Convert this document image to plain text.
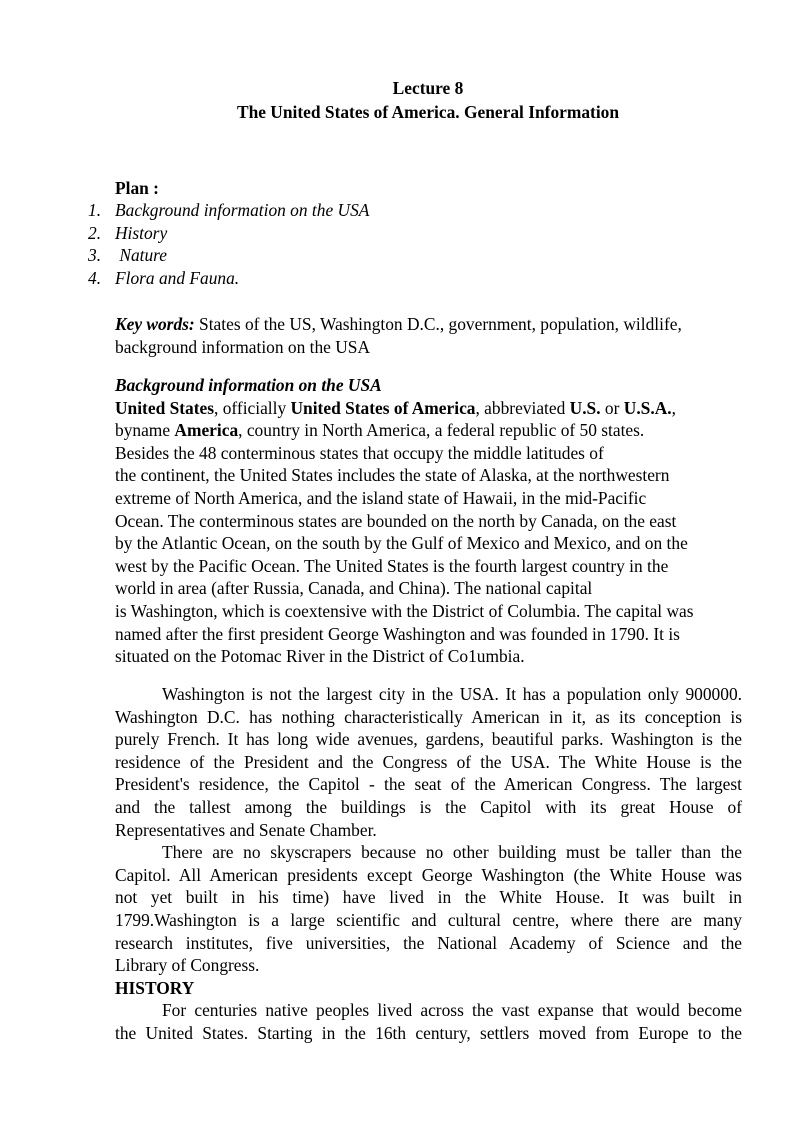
Lecture 8
The United States of America. General Information
Plan :
1. Background information on the USA
2. History
3. Nature
4. Flora and Fauna.
Key words: States of the US, Washington D.C., government, population, wildlife,
background information on the USA
Background information on the USA
United States, officially United States of America, abbreviated U.S. or U.S.A.,
byname America, country in North America, a federal republic of 50 states.
Besides the 48 conterminous states that occupy the middle latitudes of
the continent, the United States includes the state of Alaska, at the northwestern
extreme of North America, and the island state of Hawaii, in the mid-Pacific
Ocean. The conterminous states are bounded on the north by Canada, on the east
by the Atlantic Ocean, on the south by the Gulf of Mexico and Mexico, and on the
west by the Pacific Ocean. The United States is the fourth largest country in the
world in area (after Russia, Canada, and China). The national capital
is Washington, which is coextensive with the District of Columbia. The capital was
named after the first president George Washington and was founded in 1790. It is
situated on the Potomac River in the District of Co1umbia.
Washington is not the largest city in the USA. It has a population only 900000.
Washington D.C. has nothing characteristically American in it, as its conception is
purely French. It has long wide avenues, gardens, beautiful parks. Washington is the
residence of the President and the Congress of the USA. The White House is the
President's residence, the Capitol - the seat of the American Congress. The largest
and the tallest among the buildings is the Capitol with its great House of
Representatives and Senate Chamber.
There are no skyscrapers because no other building must be taller than the
Capitol. All American presidents except George Washington (the White House was
not yet built in his time) have lived in the White House. It was built in
1799.Washington is a large scientific and cultural centre, where there are many
research institutes, five universities, the National Academy of Science and the
Library of Congress.
HISTORY
For centuries native peoples lived across the vast expanse that would become
the United States. Starting in the 16th century, settlers moved from Europe to the
